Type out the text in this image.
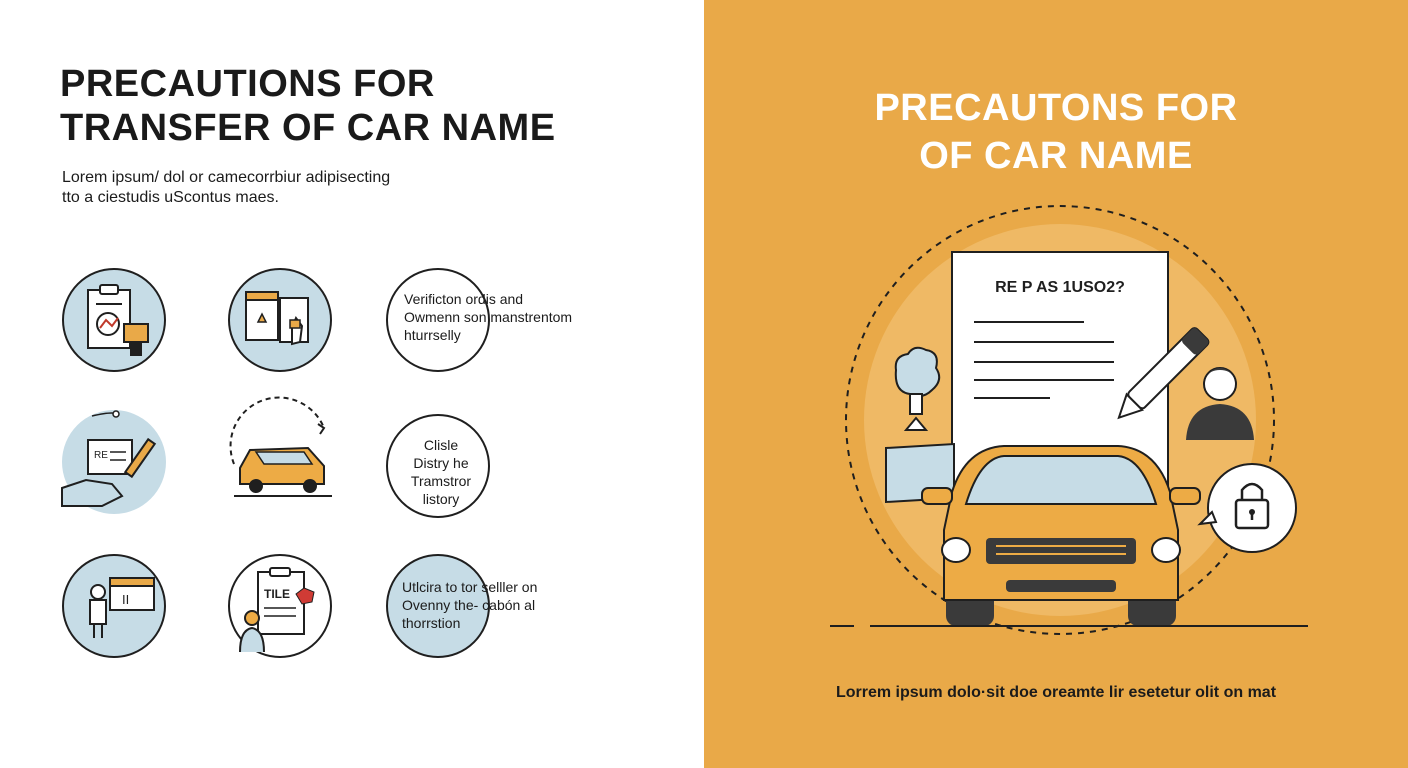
PRECAUTIONS FOR
TRANSFER OF CAR NAME
Lorem ipsum/ dol or camecorrbiur adipisecting
tto a ciestudis uScontus maes.
Verificton ordis and
Owmenn son manstrentom
hturrselly
RE
Clisle
Distry he
Tramstror
listory
II	TILE	Utlcira to tor selller on
Ovenny the- cabón al
thorrstion
PRECAUTONS FOR
OF CAR NAME
RE P AS 1USO2?
Lorrem ipsum dolo·sit doe oreamte lir esetetur olit on mat
